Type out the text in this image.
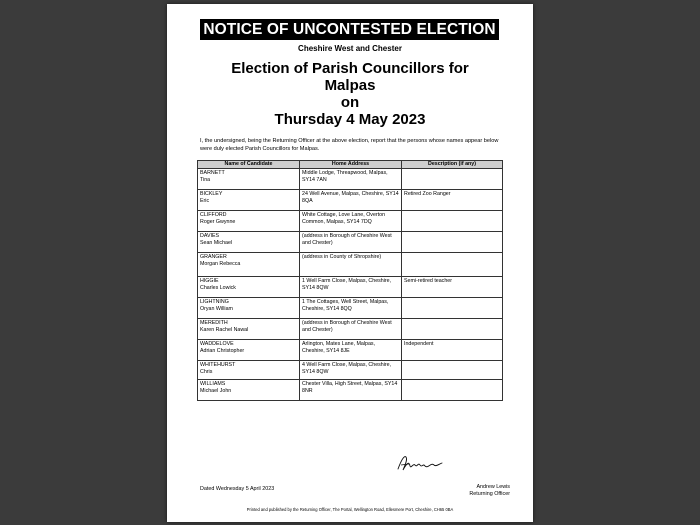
NOTICE OF UNCONTESTED ELECTION
Cheshire West and Chester
Election of Parish Councillors for
Malpas
on
Thursday 4 May 2023
I, the undersigned, being the Returning Officer at the above election, report that the persons whose names appear below were duly elected Parish Councillors for Malpas.
Name of Candidate	Home Address	Description (if any)

BARNETT
Tina	Middle Lodge, Threapwood, Malpas, SY14 7AN	

BICKLEY
Eric	24 Well Avenue, Malpas, Cheshire, SY14 8QA	Retired Zoo Ranger

CLIFFORD
Roger Gwynne	White Cottage, Love Lane, Overton Common, Malpas, SY14 7DQ	

DAVIES
Sean Michael	(address in Borough of Cheshire West and Chester)	

GRANGER
Morgan Rebecca	(address in County of Shropshire)	

HIGGIE
Charles Lowick	1 Well Farm Close, Malpas, Cheshire, SY14 8QW	Semi-retired teacher

LIGHTNING
Oryan William	1 The Cottages, Well Street, Malpas, Cheshire, SY14 8QQ	

MEREDITH
Karen Rachel Nawal	(address in Borough of Cheshire West and Chester)	

WADDELOVE
Adrian Christopher	Arlington, Mates Lane, Malpas, Cheshire, SY14 8JE	Independent

WHITEHURST
Chris	4 Well Farm Close, Malpas, Cheshire, SY14 8QW	

WILLIAMS
Michael John	Chester Villa, High Street, Malpas, SY14 8NR	
Dated Wednesday 5 April 2023	Andrew Lewis
Returning Officer
Printed and published by the Returning Officer, The Portal, Wellington Road, Ellesmere Port, Cheshire, CH65 0BA
